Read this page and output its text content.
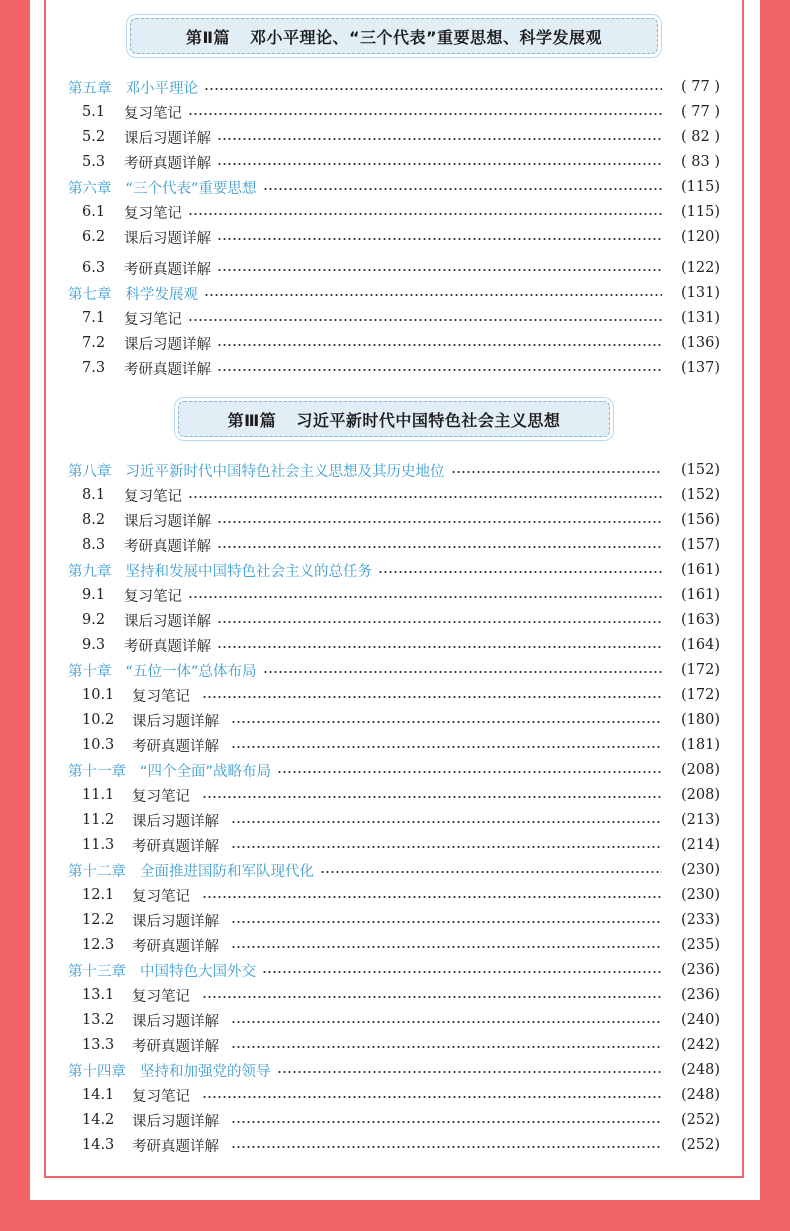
第Ⅱ篇 邓小平理论、“三个代表”重要思想、科学发展观
第Ⅲ篇 习近平新时代中国特色社会主义思想
第五章 邓小平理论	( 77 )
5.1	复习笔记	( 77 )
5.2	课后习题详解	( 82 )
5.3	考研真题详解	( 83 )
第六章 “三个代表”重要思想	(115)
6.1	复习笔记	(115)
6.2	课后习题详解	(120)
6.3	考研真题详解	(122)
第七章 科学发展观	(131)
7.1	复习笔记	(131)
7.2	课后习题详解	(136)
7.3	考研真题详解	(137)
第八章 习近平新时代中国特色社会主义思想及其历史地位	(152)
8.1	复习笔记	(152)
8.2	课后习题详解	(156)
8.3	考研真题详解	(157)
第九章 坚持和发展中国特色社会主义的总任务	(161)
9.1	复习笔记	(161)
9.2	课后习题详解	(163)
9.3	考研真题详解	(164)
第十章 “五位一体”总体布局	(172)
10.1	复习笔记	(172)
10.2	课后习题详解	(180)
10.3	考研真题详解	(181)
第十一章 “四个全面”战略布局	(208)
11.1	复习笔记	(208)
11.2	课后习题详解	(213)
11.3	考研真题详解	(214)
第十二章 全面推进国防和军队现代化	(230)
12.1	复习笔记	(230)
12.2	课后习题详解	(233)
12.3	考研真题详解	(235)
第十三章 中国特色大国外交	(236)
13.1	复习笔记	(236)
13.2	课后习题详解	(240)
13.3	考研真题详解	(242)
第十四章 坚持和加强党的领导	(248)
14.1	复习笔记	(248)
14.2	课后习题详解	(252)
14.3	考研真题详解	(252)
